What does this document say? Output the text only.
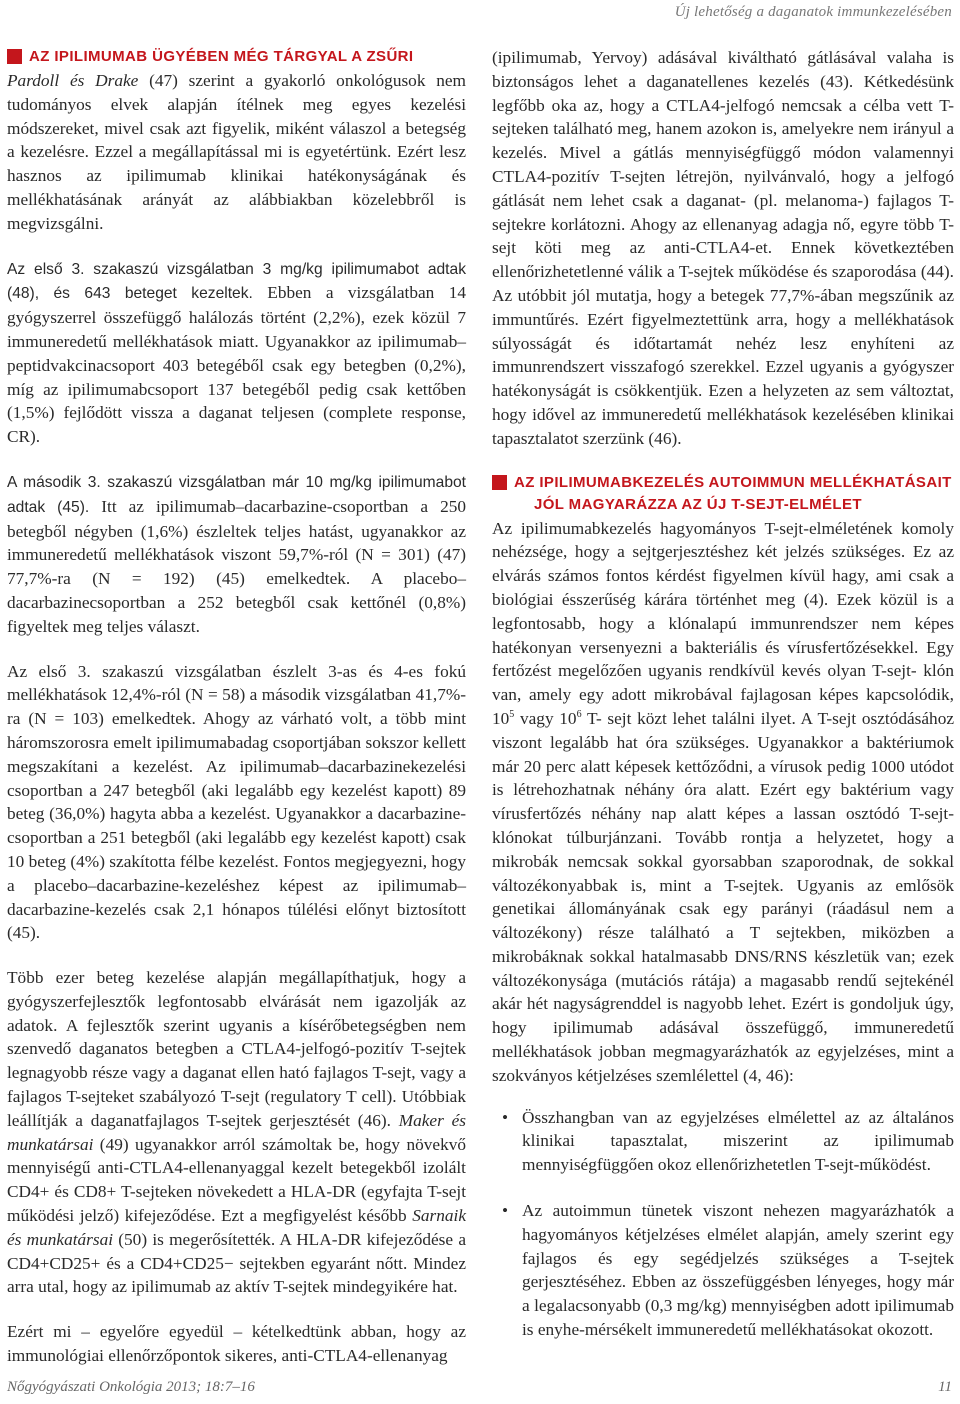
Új lehetőség a daganatok immunkezelésében
AZ IPILIMUMAB ÜGYÉBEN MÉG TÁRGYAL A ZSŰRI

Pardoll és Drake (47) szerint a gyakorló onkológusok nem tudományos elvek alapján ítélnek meg egyes kezelési módszereket, mivel csak azt figyelik, miként válaszol a betegség a kezelésre. Ezzel a megállapítással mi is egyetértünk. Ezért lesz hasznos az ipilimumab klinikai hatékonyságának és mellékhatásának arányát az alábbiakban közelebbről is megvizsgálni.

Az első 3. szakaszú vizsgálatban 3 mg/kg ipilimumabot adtak (48), és 643 beteget kezeltek. Ebben a vizsgálatban 14 gyógyszerrel összefüggő halálozás történt (2,2%), ezek közül 7 immuneredetű mellékhatások miatt. Ugyanakkor az ipilimumab–peptidvakcinacsoport 403 betegéből csak egy betegben (0,2%), míg az ipilimumabcsoport 137 betegéből pedig csak kettőben (1,5%) fejlődött vissza a daganat teljesen (complete response, CR).

A második 3. szakaszú vizsgálatban már 10 mg/kg ipilimumabot adtak (45). Itt az ipilimumab–dacarbazine-csoportban a 250 betegből négyben (1,6%) észleltek teljes hatást, ugyanakkor az immuneredetű mellékhatások viszont 59,7%-ról (N = 301) (47) 77,7%-ra (N = 192) (45) emelkedtek. A placebo–dacarbazinecsoportban a 252 betegből csak kettőnél (0,8%) figyeltek meg teljes választ.

Az első 3. szakaszú vizsgálatban észlelt 3-as és 4-es fokú mellékhatások 12,4%-ról (N = 58) a második vizsgálatban 41,7%-ra (N = 103) emelkedtek. Ahogy az várható volt, a több mint háromszorosra emelt ipilimumabadag csoportjában sokszor kellett megszakítani a kezelést. Az ipilimumab–dacarbazinekezelési csoportban a 247 betegből (aki legalább egy kezelést kapott) 89 beteg (36,0%) hagyta abba a kezelést. Ugyanakkor a dacarbazine-csoportban a 251 betegből (aki legalább egy kezelést kapott) csak 10 beteg (4%) szakította félbe kezelést. Fontos megjegyezni, hogy a placebo–dacarbazine-kezeléshez képest az ipilimumab–dacarbazine-kezelés csak 2,1 hónapos túlélési előnyt biztosított (45).

Több ezer beteg kezelése alapján megállapíthatjuk, hogy a gyógyszerfejlesztők legfontosabb elvárását nem igazolják az adatok. A fejlesztők szerint ugyanis a kísérőbetegségben nem szenvedő daganatos betegben a CTLA4-jelfogó-pozitív T-sejtek legnagyobb része vagy a daganat ellen ható fajlagos T-sejt, vagy a fajlagos T-sejteket szabályozó T-sejt (regulatory T cell). Utóbbiak leállítják a daganatfajlagos T-sejtek gerjesztését (46). Maker és munkatársai (49) ugyanakkor arról számoltak be, hogy növekvő mennyiségű anti-CTLA4-ellenanyaggal kezelt betegekből izolált CD4+ és CD8+ T-sejteken növekedett a HLA-DR (egyfajta T-sejt működési jelző) kifejeződése. Ezt a megfigyelést később Sarnaik és munkatársai (50) is megerősítették. A HLA-DR kifejeződése a CD4+CD25+ és a CD4+CD25− sejtekben egyaránt nőtt. Mindez arra utal, hogy az ipilimumab az aktív T-sejtek mindegyikére hat.

Ezért mi – egyelőre egyedül – kételkedtünk abban, hogy az immunológiai ellenőrzőpontok sikeres, anti-CTLA4-ellenanyag

(ipilimumab, Yervoy) adásával kiváltható gátlásával valaha is biztonságos lehet a daganatellenes kezelés (43). Kétkedésünk legfőbb oka az, hogy a CTLA4-jelfogó nemcsak a célba vett T-sejteken található meg, hanem azokon is, amelyekre nem irányul a kezelés. Mivel a gátlás mennyiségfüggő módon valamennyi CTLA4-pozitív T-sejten létrejön, nyilvánvaló, hogy a jelfogó gátlását nem lehet csak a daganat- (pl. melanoma-) fajlagos T-sejtekre korlátozni. Ahogy az ellenanyag adagja nő, egyre több T-sejt köti meg az anti-CTLA4-et. Ennek következtében ellenőrizhetetlenné válik a T-sejtek működése és szaporodása (44). Az utóbbit jól mutatja, hogy a betegek 77,7%-ában megszűnik az immuntűrés. Ezért figyelmeztettünk arra, hogy a mellékhatások súlyosságát és időtartamát nehéz lesz enyhíteni az immunrendszert visszafogó szerekkel. Ezzel ugyanis a gyógyszer hatékonyságát is csökkentjük. Ezen a helyzeten az sem változtat, hogy idővel az immuneredetű mellékhatások kezelésében klinikai tapasztalatot szerzünk (46).

AZ IPILIMUMABKEZELÉS AUTOIMMUN MELLÉKHATÁSAIT
JÓL MAGYARÁZZA AZ ÚJ T-SEJT-ELMÉLET

Az ipilimumabkezelés hagyományos T-sejt-elméletének komoly nehézsége, hogy a sejtgerjesztéshez két jelzés szükséges. Ez az elvárás számos fontos kérdést figyelmen kívül hagy, ami csak a biológiai ésszerűség kárára történhet meg (4). Ezek közül is a legfontosabb, hogy a klónalapú immunrendszer nem képes hatékonyan versenyezni a bakteriális és vírusfertőzésekkel. Egy fertőzést megelőzően ugyanis rendkívül kevés olyan T-sejt- klón van, amely egy adott mikrobával fajlagosan képes kapcsolódik, $10^5$ vagy $10^6$ T- sejt közt lehet találni ilyet. A T-sejt osztódásához viszont legalább hat óra szükséges. Ugyanakkor a baktériumok már 20 perc alatt képesek kettőződni, a vírusok pedig 1000 utódot is létrehozhatnak néhány óra alatt. Ezért egy baktérium vagy vírusfertőzés néhány nap alatt képes a lassan osztódó T-sejt-klónokat túlburjánzani. Tovább rontja a helyzetet, hogy a mikrobák nemcsak sokkal gyorsabban szaporodnak, de sokkal változékonyabbak is, mint a T-sejtek. Ugyanis az emlősök genetikai állományának csak egy parányi (ráadásul nem a változékony) része található a T sejtekben, miközben a mikrobáknak sokkal hatalmasabb DNS/RNS készletük van; ezek változékonysága (mutációs rátája) a magasabb rendű sejtekénél akár hét nagyságrenddel is nagyobb lehet. Ezért is gondoljuk úgy, hogy ipilimumab adásával összefüggő, immuneredetű mellékhatások jobban megmagyarázhatók az egyjelzéses, mint a szokványos kétjelzéses szemlélettel (4, 46):

• Összhangban van az egyjelzéses elmélettel az az általános klinikai tapasztalat, miszerint az ipilimumab mennyiségfüggően okoz ellenőrizhetetlen T-sejt-működést.
• Az autoimmun tünetek viszont nehezen magyarázhatók a hagyományos kétjelzéses elmélet alapján, amely szerint egy fajlagos és egy segédjelzés szükséges a T-sejtek gerjesztéséhez. Ebben az összefüggésben lényeges, hogy már a legalacsonyabb (0,3 mg/kg) mennyiségben adott ipilimumab is enyhe-mérsékelt immuneredetű mellékhatásokat okozott.
Nőgyógyászati Onkológia 2013; 18:7–16	11
